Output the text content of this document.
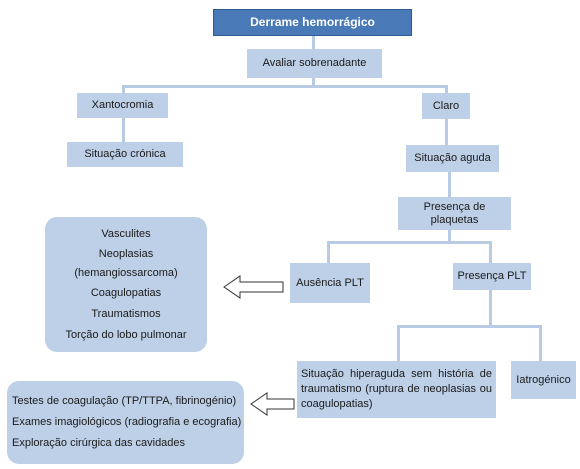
Derrame hemorrágico
Avaliar sobrenadante
Xantocromia	Claro
Situação crónica	Situação aguda
Presença de plaquetas
Ausência PLT
Presença PLT

Vasculites

Neoplasias

(hemangiossarcoma)

Coagulopatias

Traumatismos

Torção do lobo pulmonar

Situação hiperaguda sem história de traumatismo (ruptura de neoplasias ou coagulopatias)
Iatrogénico

Testes de coagulação (TP/TTPA, fibrinogénio)

Exames imagiológicos (radiografia e ecografia)

Exploração cirúrgica das cavidades
